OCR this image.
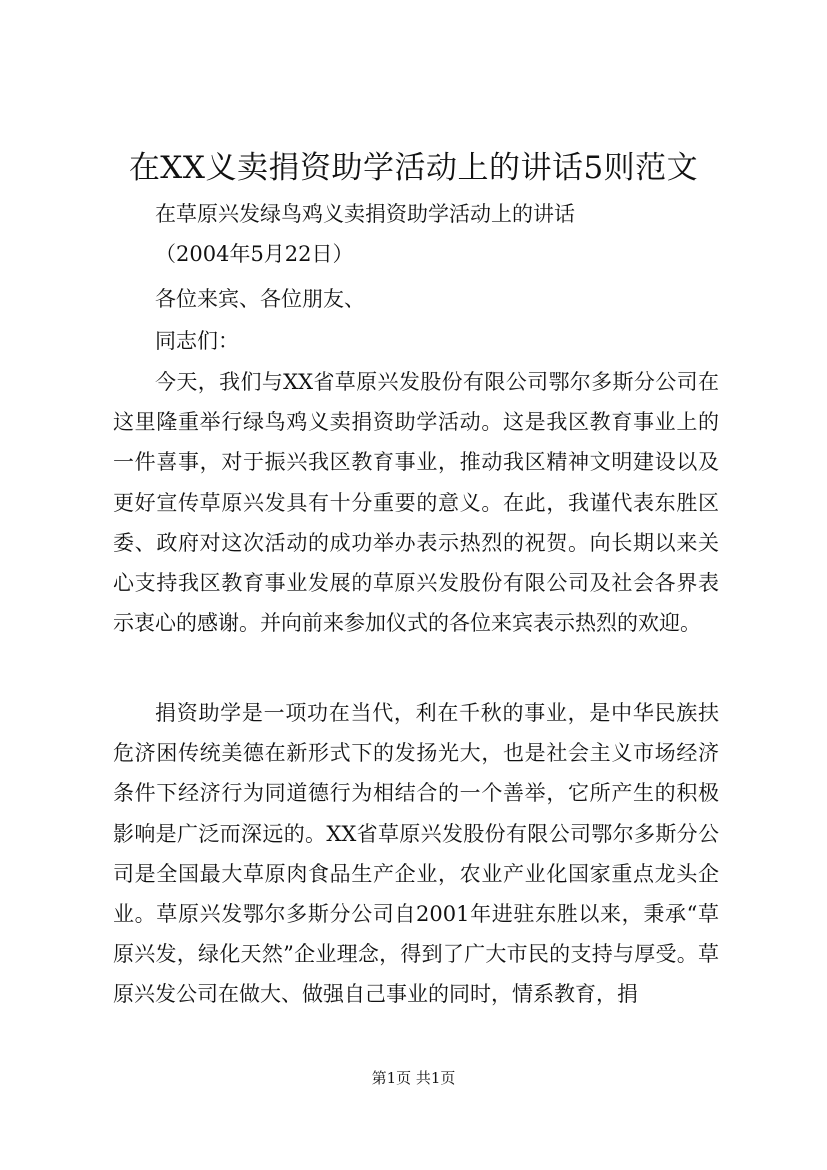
在XX义卖捐资助学活动上的讲话5则范文
在草原兴发绿鸟鸡义卖捐资助学活动上的讲话
（2004年5月22日）
各位来宾、各位朋友、
同志们：
今天，我们与XX省草原兴发股份有限公司鄂尔多斯分公司在这里隆重举行绿鸟鸡义卖捐资助学活动。这是我区教育事业上的一件喜事，对于振兴我区教育事业，推动我区精神文明建设以及更好宣传草原兴发具有十分重要的意义。在此，我谨代表东胜区委、政府对这次活动的成功举办表示热烈的祝贺。向长期以来关心支持我区教育事业发展的草原兴发股份有限公司及社会各界表示衷心的感谢。并向前来参加仪式的各位来宾表示热烈的欢迎。
捐资助学是一项功在当代，利在千秋的事业，是中华民族扶危济困传统美德在新形式下的发扬光大，也是社会主义市场经济条件下经济行为同道德行为相结合的一个善举，它所产生的积极影响是广泛而深远的。XX省草原兴发股份有限公司鄂尔多斯分公司是全国最大草原肉食品生产企业，农业产业化国家重点龙头企业。草原兴发鄂尔多斯分公司自2001年进驻东胜以来，秉承“草原兴发，绿化天然”企业理念，得到了广大市民的支持与厚受。草原兴发公司在做大、做强自己事业的同时，情系教育，捐
第1页 共1页
